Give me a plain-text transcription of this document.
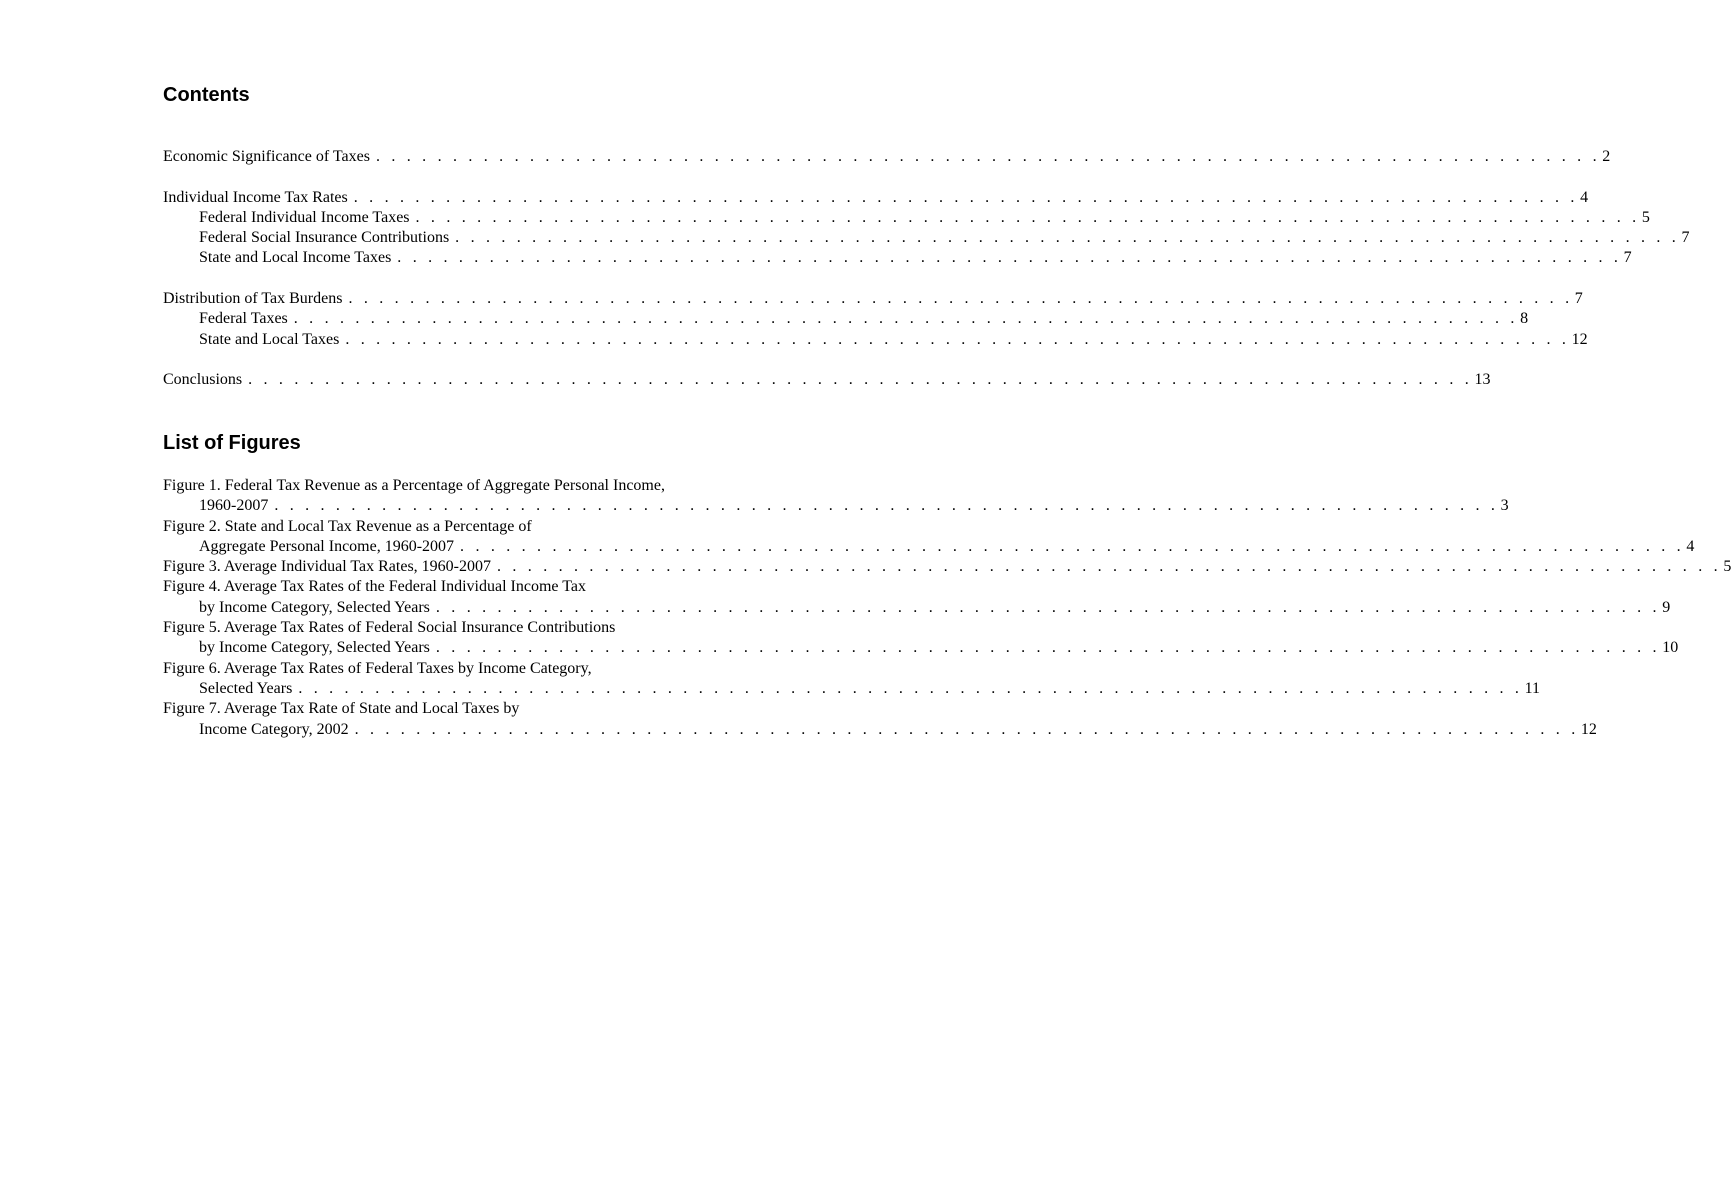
Contents
Economic Significance of Taxes . . . . . . . . . . . . . . . . . . . . . . . . . . . . . . . . . . . . . . . . . . . . . . . . . . . . . . . . . . . . . . . . . . . . . . . . . . . . . . . . 2
Individual Income Tax Rates . . . . . . . . . . . . . . . . . . . . . . . . . . . . . . . . . . . . . . . . . . . . . . . . . . . . . . . . . . . . . . . . . . . . . . . . . . . . . . . . 4
Federal Individual Income Taxes . . . . . . . . . . . . . . . . . . . . . . . . . . . . . . . . . . . . . . . . . . . . . . . . . . . . . . . . . . . . . . . . . . . . . . . . . . . . . . . . 5
Federal Social Insurance Contributions . . . . . . . . . . . . . . . . . . . . . . . . . . . . . . . . . . . . . . . . . . . . . . . . . . . . . . . . . . . . . . . . . . . . . . . . . . . . . . . . 7
State and Local Income Taxes . . . . . . . . . . . . . . . . . . . . . . . . . . . . . . . . . . . . . . . . . . . . . . . . . . . . . . . . . . . . . . . . . . . . . . . . . . . . . . . . 7
Distribution of Tax Burdens . . . . . . . . . . . . . . . . . . . . . . . . . . . . . . . . . . . . . . . . . . . . . . . . . . . . . . . . . . . . . . . . . . . . . . . . . . . . . . . . 7
Federal Taxes . . . . . . . . . . . . . . . . . . . . . . . . . . . . . . . . . . . . . . . . . . . . . . . . . . . . . . . . . . . . . . . . . . . . . . . . . . . . . . . . 8
State and Local Taxes . . . . . . . . . . . . . . . . . . . . . . . . . . . . . . . . . . . . . . . . . . . . . . . . . . . . . . . . . . . . . . . . . . . . . . . . . . . . . . . . 12
Conclusions . . . . . . . . . . . . . . . . . . . . . . . . . . . . . . . . . . . . . . . . . . . . . . . . . . . . . . . . . . . . . . . . . . . . . . . . . . . . . . . . 13
List of Figures
Figure 1. Federal Tax Revenue as a Percentage of Aggregate Personal Income,
1960-2007 . . . . . . . . . . . . . . . . . . . . . . . . . . . . . . . . . . . . . . . . . . . . . . . . . . . . . . . . . . . . . . . . . . . . . . . . . . . . . . . . 3
Figure 2. State and Local Tax Revenue as a Percentage of
Aggregate Personal Income, 1960-2007 . . . . . . . . . . . . . . . . . . . . . . . . . . . . . . . . . . . . . . . . . . . . . . . . . . . . . . . . . . . . . . . . . . . . . . . . . . . . . . . . 4
Figure 3. Average Individual Tax Rates, 1960-2007 . . . . . . . . . . . . . . . . . . . . . . . . . . . . . . . . . . . . . . . . . . . . . . . . . . . . . . . . . . . . . . . . . . . . . . . . . . . . . . . . 5
Figure 4. Average Tax Rates of the Federal Individual Income Tax
by Income Category, Selected Years . . . . . . . . . . . . . . . . . . . . . . . . . . . . . . . . . . . . . . . . . . . . . . . . . . . . . . . . . . . . . . . . . . . . . . . . . . . . . . . . 9
Figure 5. Average Tax Rates of Federal Social Insurance Contributions
by Income Category, Selected Years . . . . . . . . . . . . . . . . . . . . . . . . . . . . . . . . . . . . . . . . . . . . . . . . . . . . . . . . . . . . . . . . . . . . . . . . . . . . . . . . 10
Figure 6. Average Tax Rates of Federal Taxes by Income Category,
Selected Years . . . . . . . . . . . . . . . . . . . . . . . . . . . . . . . . . . . . . . . . . . . . . . . . . . . . . . . . . . . . . . . . . . . . . . . . . . . . . . . . 11
Figure 7. Average Tax Rate of State and Local Taxes by
Income Category, 2002 . . . . . . . . . . . . . . . . . . . . . . . . . . . . . . . . . . . . . . . . . . . . . . . . . . . . . . . . . . . . . . . . . . . . . . . . . . . . . . . . 12
